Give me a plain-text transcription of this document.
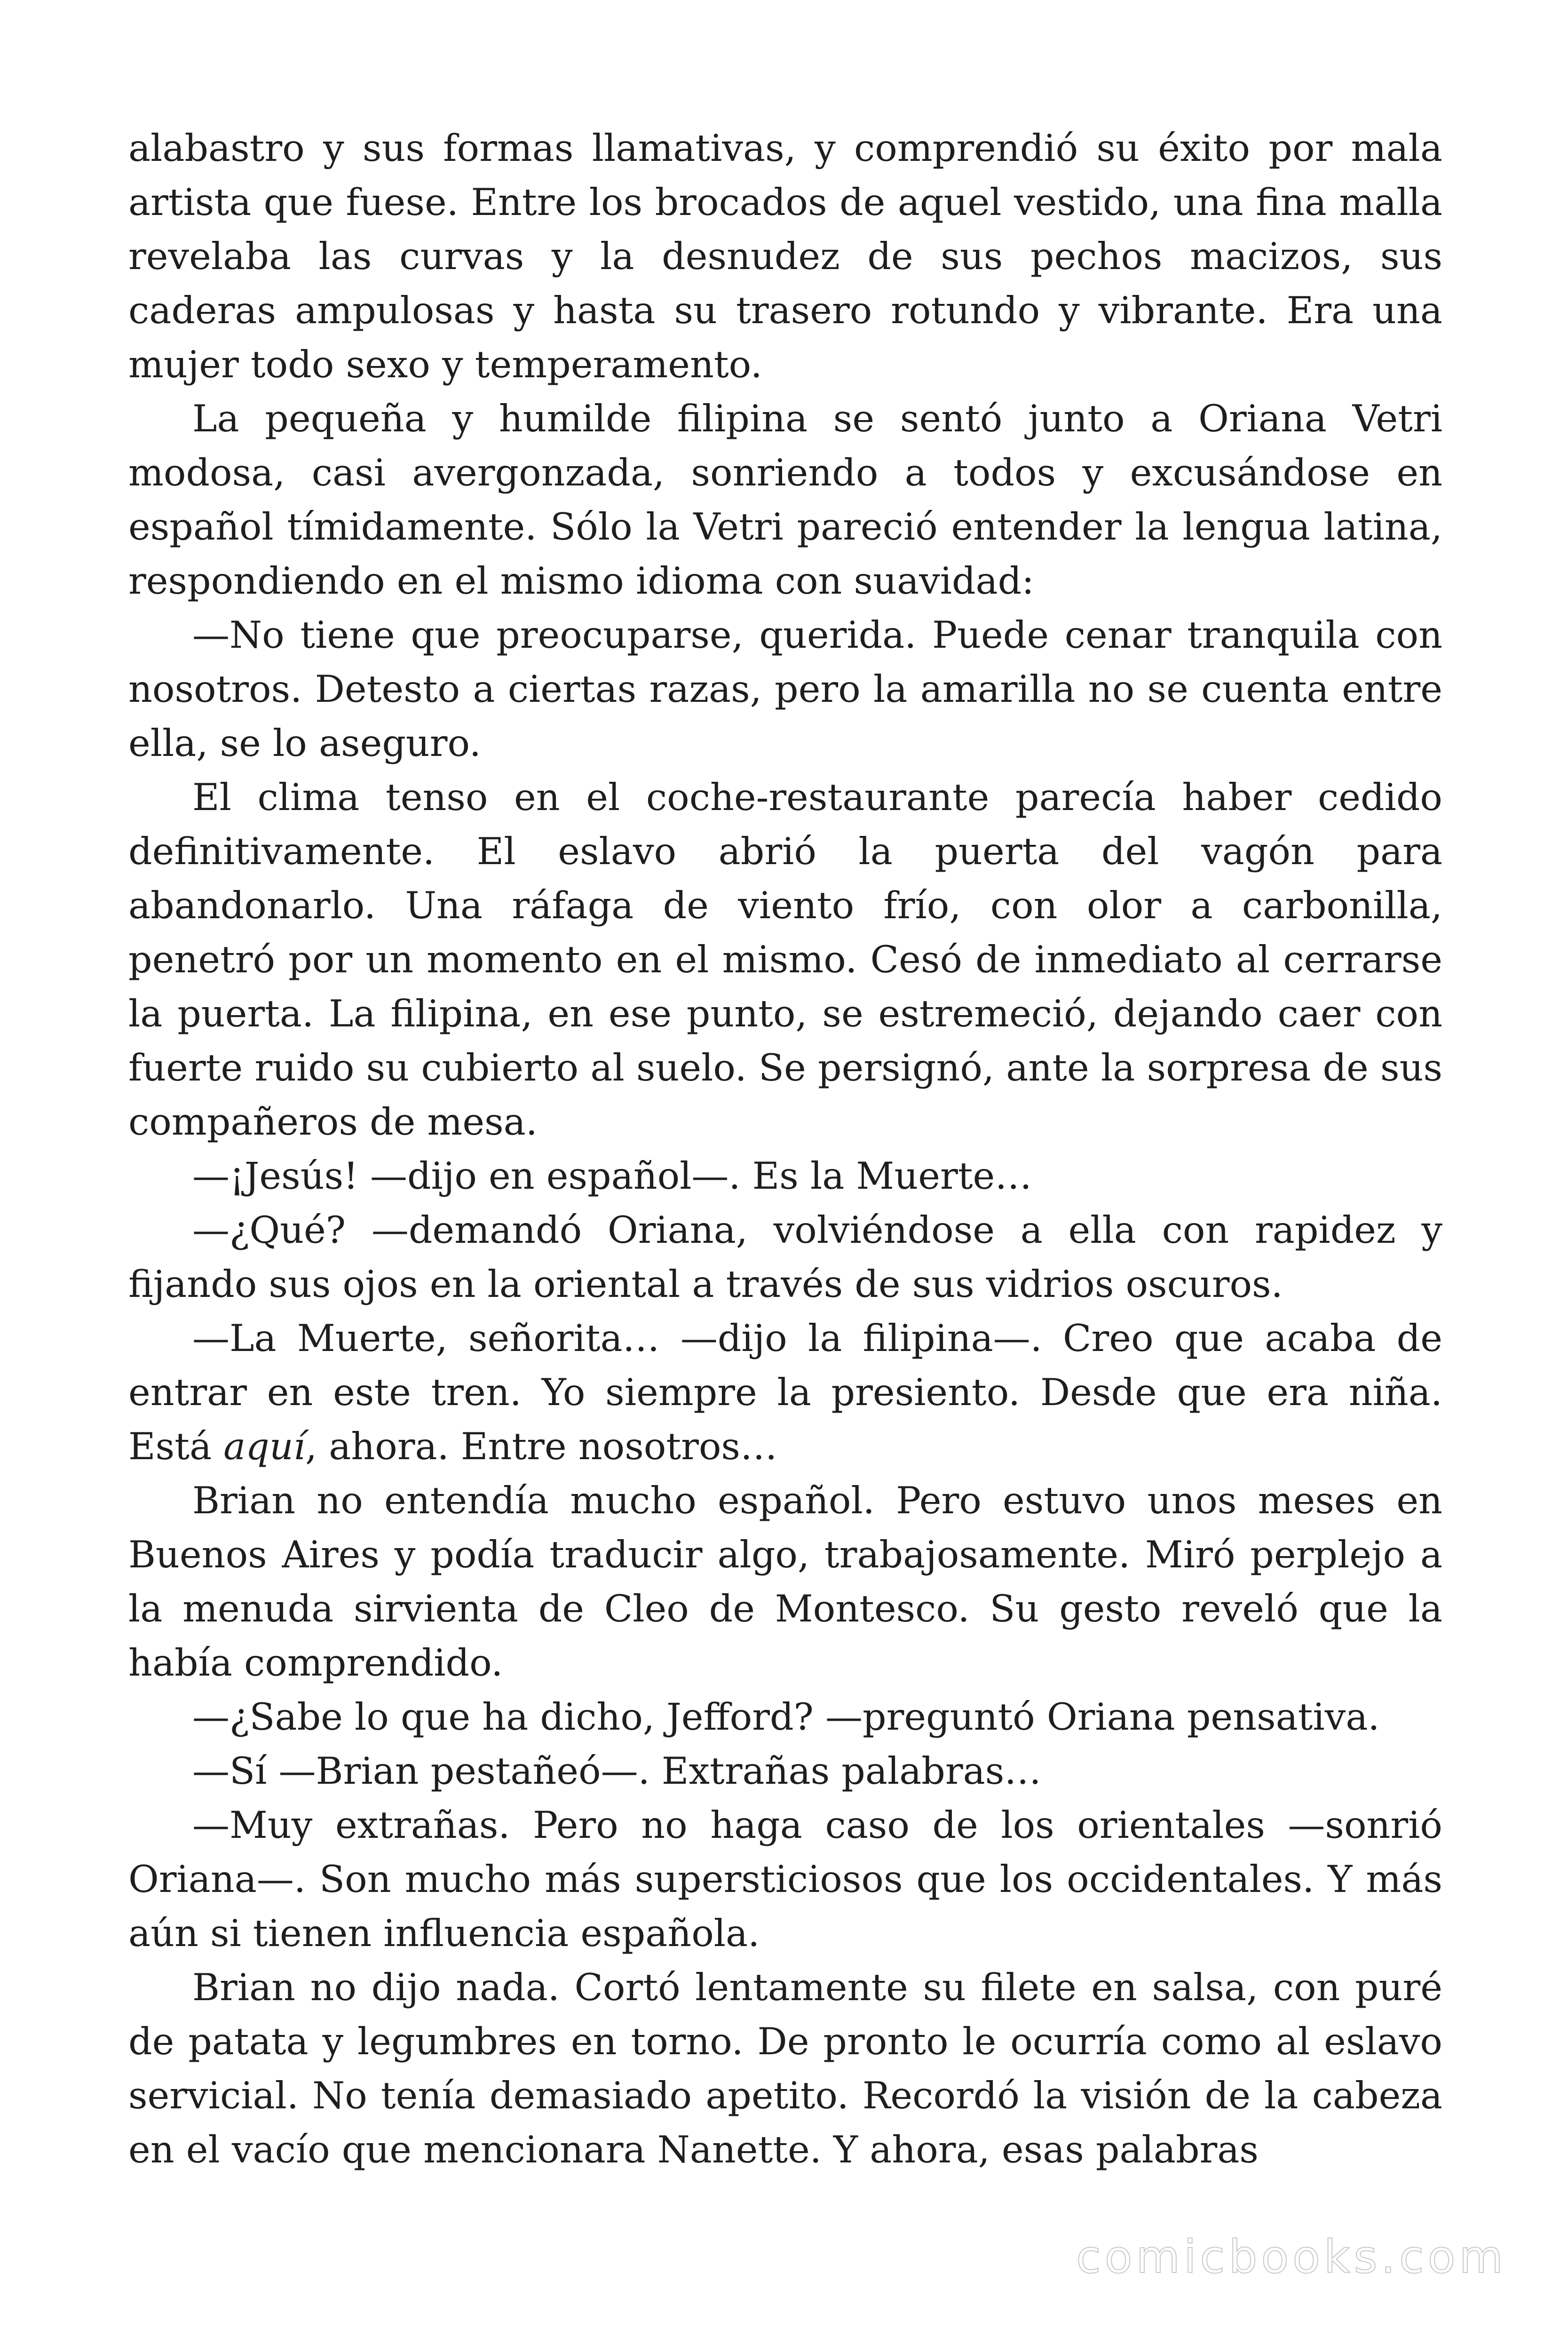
alabastro y sus formas llamativas, y comprendió su éxito por mala artista que fuese. Entre los brocados de aquel vestido, una fina malla revelaba las curvas y la desnudez de sus pechos macizos, sus caderas ampulosas y hasta su trasero rotundo y vibrante. Era una mujer todo sexo y temperamento.

La pequeña y humilde filipina se sentó junto a Oriana Vetri modosa, casi avergonzada, sonriendo a todos y excusándose en español tímidamente. Sólo la Vetri pareció entender la lengua latina, respondiendo en el mismo idioma con suavidad:

—No tiene que preocuparse, querida. Puede cenar tranquila con nosotros. Detesto a ciertas razas, pero la amarilla no se cuenta entre ella, se lo aseguro.

El clima tenso en el coche-restaurante parecía haber cedido definitivamente. El eslavo abrió la puerta del vagón para abandonarlo. Una ráfaga de viento frío, con olor a carbonilla, penetró por un momento en el mismo. Cesó de inmediato al cerrarse la puerta. La filipina, en ese punto, se estremeció, dejando caer con fuerte ruido su cubierto al suelo. Se persignó, ante la sorpresa de sus compañeros de mesa.

—¡Jesús! —dijo en español—. Es la Muerte…

—¿Qué? —demandó Oriana, volviéndose a ella con rapidez y fijando sus ojos en la oriental a través de sus vidrios oscuros.

—La Muerte, señorita… —dijo la filipina—. Creo que acaba de entrar en este tren. Yo siempre la presiento. Desde que era niña. Está aquí, ahora. Entre nosotros…

Brian no entendía mucho español. Pero estuvo unos meses en Buenos Aires y podía traducir algo, trabajosamente. Miró perplejo a la menuda sirvienta de Cleo de Montesco. Su gesto reveló que la había comprendido.

—¿Sabe lo que ha dicho, Jefford? —preguntó Oriana pensativa.

—Sí —Brian pestañeó—. Extrañas palabras…

—Muy extrañas. Pero no haga caso de los orientales —sonrió Oriana—. Son mucho más supersticiosos que los occidentales. Y más aún si tienen influencia española.

Brian no dijo nada. Cortó lentamente su filete en salsa, con puré de patata y legumbres en torno. De pronto le ocurría como al eslavo servicial. No tenía demasiado apetito. Recordó la visión de la cabeza en el vacío que mencionara Nanette. Y ahora, esas palabras

comicbooks.com
